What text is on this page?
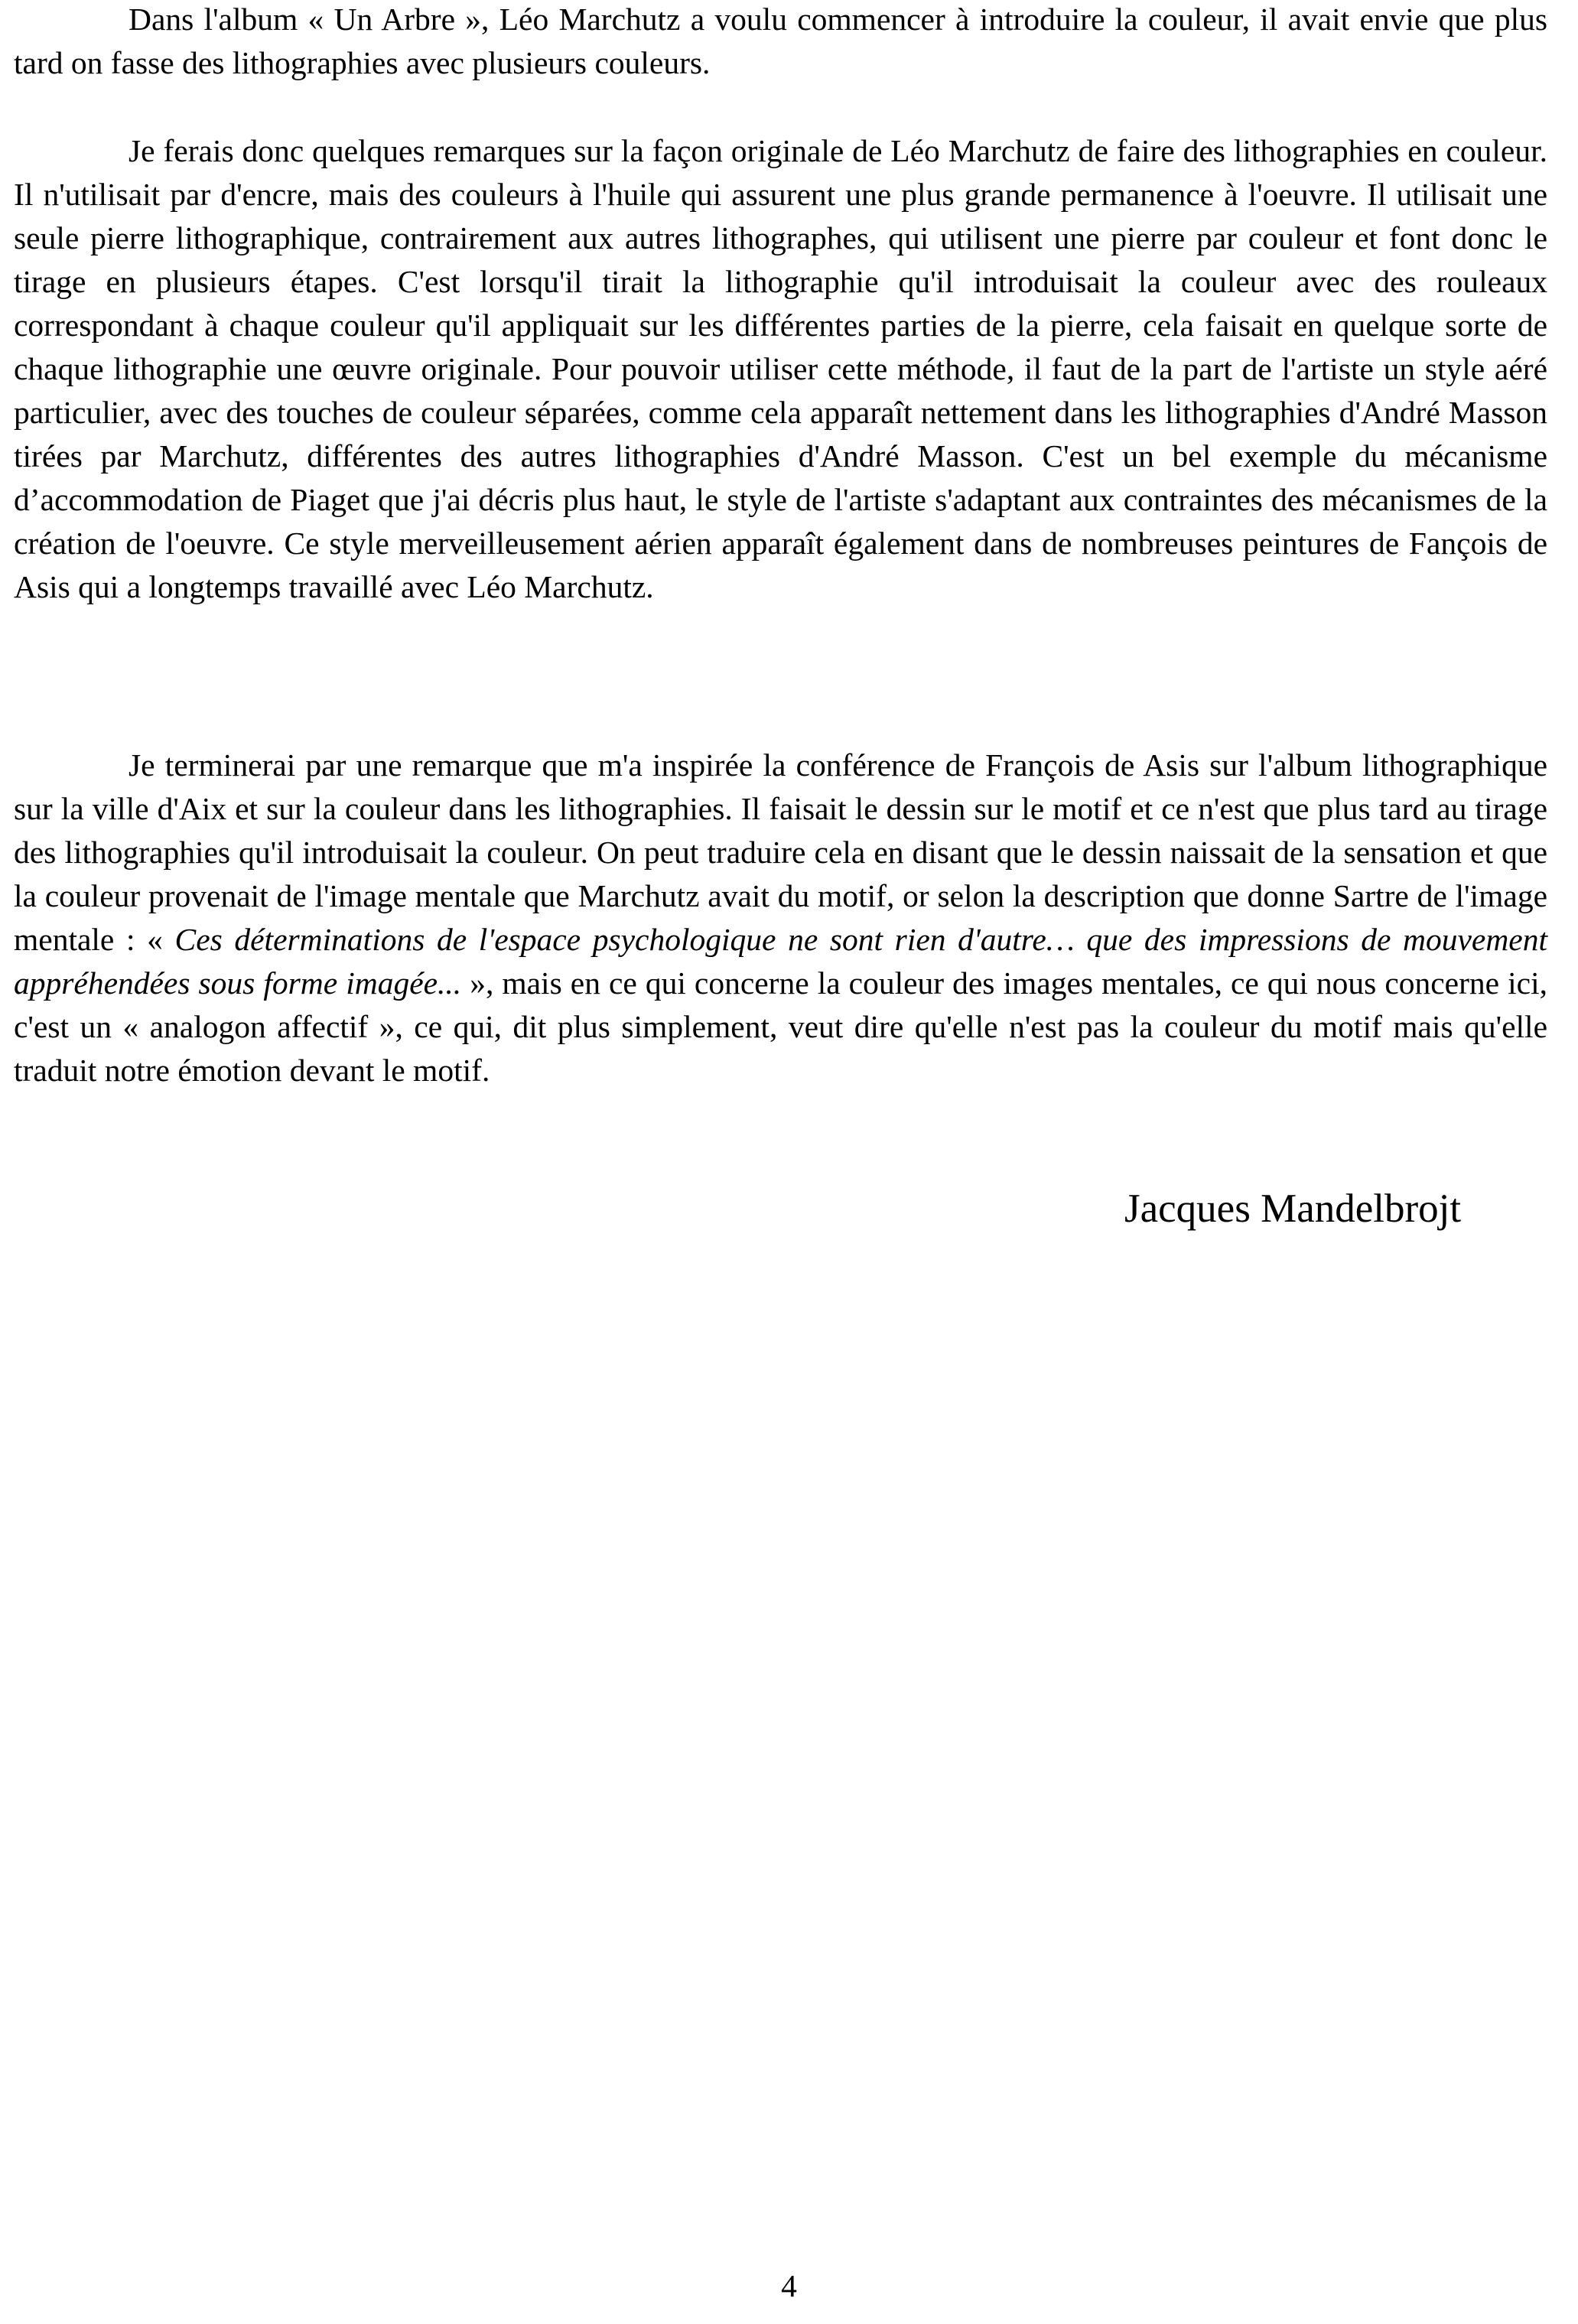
Dans l'album « Un Arbre », Léo Marchutz a voulu commencer à introduire la couleur, il avait envie que plus tard on fasse des lithographies avec plusieurs couleurs.

Je ferais donc quelques remarques sur la façon originale de Léo Marchutz de faire des lithographies en couleur. Il n'utilisait par d'encre, mais des couleurs à l'huile qui assurent une plus grande permanence à l'oeuvre. Il utilisait une seule pierre lithographique, contrairement aux autres lithographes, qui utilisent une pierre par couleur et font donc le tirage en plusieurs étapes. C'est lorsqu'il tirait la lithographie qu'il introduisait la couleur avec des rouleaux correspondant à chaque couleur qu'il appliquait sur les différentes parties de la pierre, cela faisait en quelque sorte de chaque lithographie une œuvre originale. Pour pouvoir utiliser cette méthode, il faut de la part de l'artiste un style aéré particulier, avec des touches de couleur séparées, comme cela apparaît nettement dans les lithographies d'André Masson tirées par Marchutz, différentes des autres lithographies d'André Masson. C'est un bel exemple du mécanisme d’accommodation de Piaget que j'ai décris plus haut, le style de l'artiste s'adaptant aux contraintes des mécanismes de la création de l'oeuvre. Ce style merveilleusement aérien apparaît également dans de nombreuses peintures de Fançois de Asis qui a longtemps travaillé avec Léo Marchutz.

Je terminerai par une remarque que m'a inspirée la conférence de François de Asis sur l'album lithographique sur la ville d'Aix et sur la couleur dans les lithographies. Il faisait le dessin sur le motif et ce n'est que plus tard au tirage des lithographies qu'il introduisait la couleur. On peut traduire cela en disant que le dessin naissait de la sensation et que la couleur provenait de l'image mentale que Marchutz avait du motif, or selon la description que donne Sartre de l'image mentale : « Ces déterminations de l'espace psychologique ne sont rien d'autre… que des impressions de mouvement appréhendées sous forme imagée... », mais en ce qui concerne la couleur des images mentales, ce qui nous concerne ici, c'est un « analogon affectif », ce qui, dit plus simplement, veut dire qu'elle n'est pas la couleur du motif mais qu'elle traduit notre émotion devant le motif.

Jacques Mandelbrojt
4
